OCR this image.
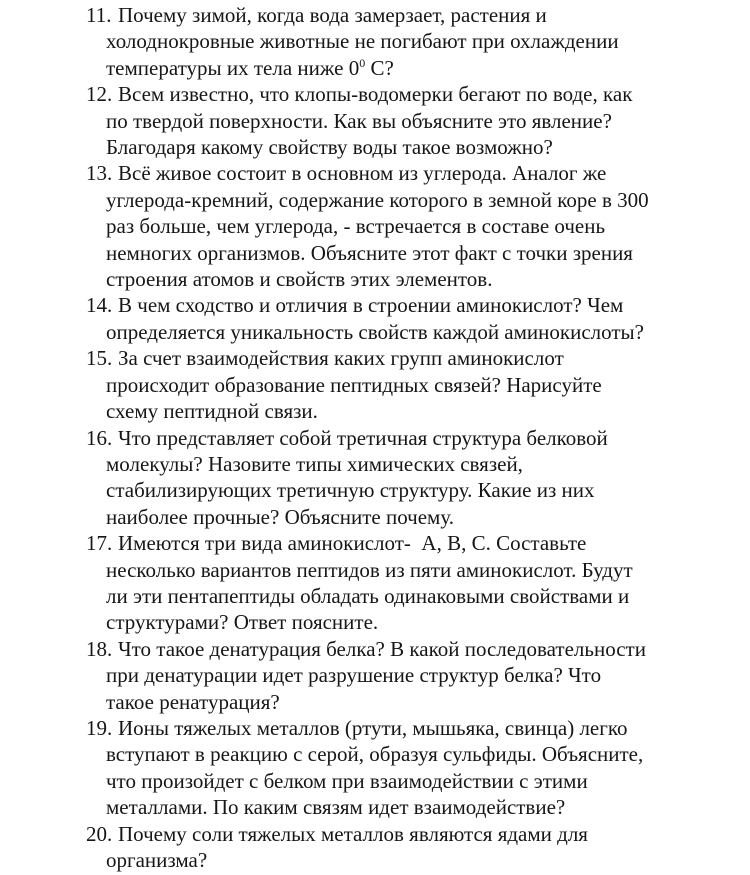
11. Почему зимой, когда вода замерзает, растения и
холоднокровные животные не погибают при охлаждении
температуры их тела ниже $0^0$ С?
12. Всем известно, что клопы-водомерки бегают по воде, как
по твердой поверхности. Как вы объясните это явление?
Благодаря какому свойству воды такое возможно?
13. Всё живое состоит в основном из углерода. Аналог же
углерода-кремний, содержание которого в земной коре в 300
раз больше, чем углерода, - встречается в составе очень
немногих организмов. Объясните этот факт с точки зрения
строения атомов и свойств этих элементов.
14. В чем сходство и отличия в строении аминокислот? Чем
определяется уникальность свойств каждой аминокислоты?
15. За счет взаимодействия каких групп аминокислот
происходит образование пептидных связей? Нарисуйте
схему пептидной связи.
16. Что представляет собой третичная структура белковой
молекулы? Назовите типы химических связей,
стабилизирующих третичную структуру. Какие из них
наиболее прочные? Объясните почему.
17. Имеются три вида аминокислот-  А, В, С. Составьте
несколько вариантов пептидов из пяти аминокислот. Будут
ли эти пентапептиды обладать одинаковыми свойствами и
структурами? Ответ поясните.
18. Что такое денатурация белка? В какой последовательности
при денатурации идет разрушение структур белка? Что
такое ренатурация?
19. Ионы тяжелых металлов (ртути, мышьяка, свинца) легко
вступают в реакцию с серой, образуя сульфиды. Объясните,
что произойдет с белком при взаимодействии с этими
металлами. По каким связям идет взаимодействие?
20. Почему соли тяжелых металлов являются ядами для
организма?
